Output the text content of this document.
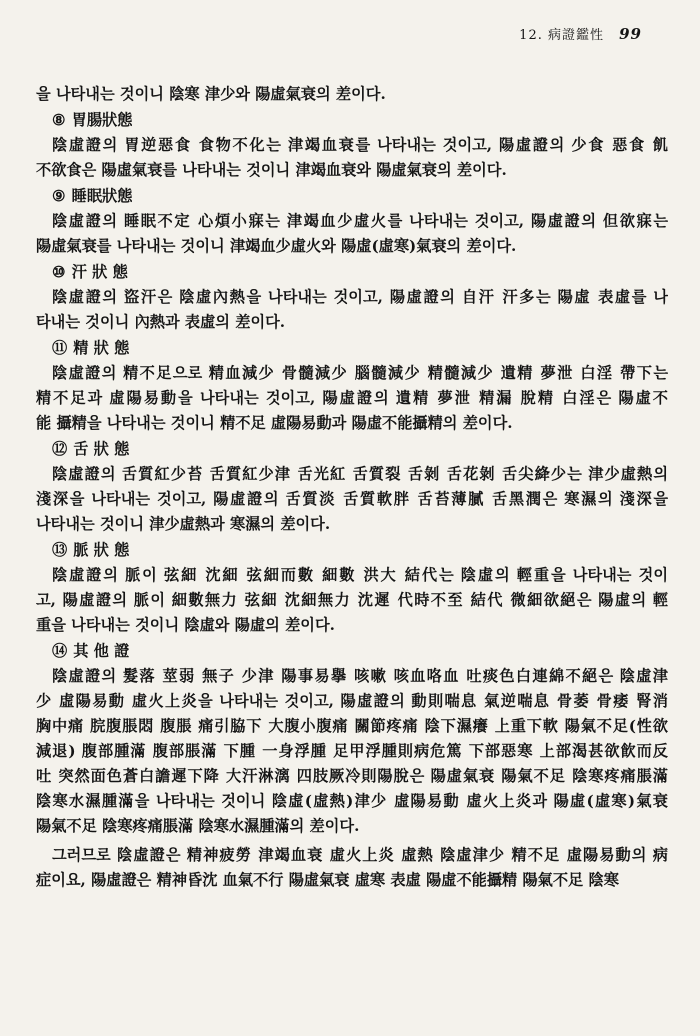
12. 病證鑑性 99
을 나타내는 것이니 陰寒 津少와 陽虛氣衰의 差이다.
⑧ 胃腸狀態
陰虛證의 胃逆惡食 食物不化는 津竭血衰를 나타내는 것이고, 陽虛證의 少食 惡食 飢
不欲食은 陽虛氣衰를 나타내는 것이니 津竭血衰와 陽虛氣衰의 差이다.
⑨ 睡眠狀態
陰虛證의 睡眠不定 心煩小寐는 津竭血少虛火를 나타내는 것이고, 陽虛證의 但欲寐는
陽虛氣衰를 나타내는 것이니 津竭血少虛火와 陽虛(虛寒)氣衰의 差이다.
⑩ 汗 狀 態
陰虛證의 盜汗은 陰虛內熱을 나타내는 것이고, 陽虛證의 自汗 汗多는 陽虛 表虛를 나
타내는 것이니 內熱과 表虛의 差이다.
⑪ 精 狀 態
陰虛證의 精不足으로 精血減少 骨髓減少 腦髓減少 精髓減少 遺精 夢泄 白淫 帶下는
精不足과 虛陽易動을 나타내는 것이고, 陽虛證의 遺精 夢泄 精漏 脫精 白淫은 陽虛不
能 攝精을 나타내는 것이니 精不足 虛陽易動과 陽虛不能攝精의 差이다.
⑫ 舌 狀 態
陰虛證의 舌質紅少苔 舌質紅少津 舌光紅 舌質裂 舌剝 舌花剝 舌尖絳少는 津少虛熱의
淺深을 나타내는 것이고, 陽虛證의 舌質淡 舌質軟胖 舌苔薄膩 舌黑潤은 寒濕의 淺深을
나타내는 것이니 津少虛熱과 寒濕의 差이다.
⑬ 脈 狀 態
陰虛證의 脈이 弦細 沈細 弦細而數 細數 洪大 結代는 陰虛의 輕重을 나타내는 것이
고, 陽虛證의 脈이 細數無力 弦細 沈細無力 沈遲 代時不至 結代 微細欲絕은 陽虛의 輕
重을 나타내는 것이니 陰虛와 陽虛의 差이다.
⑭ 其 他 證
陰虛證의 髮落 莖弱 無子 少津 陽事易擧 咳嗽 咳血咯血 吐痰色白連綿不絕은 陰虛津
少 虛陽易動 虛火上炎을 나타내는 것이고, 陽虛證의 動則喘息 氣逆喘息 骨萎 骨痿 腎消
胸中痛 脘腹脹悶 腹脹 痛引脇下 大腹小腹痛 關節疼痛 陰下濕癢 上重下軟 陽氣不足(性欲
減退) 腹部腫滿 腹部脹滿 下腫 一身浮腫 足甲浮腫則病危篤 下部惡寒 上部渴甚欲飮而反
吐 突然面色蒼白譫遲下降 大汗淋漓 四肢厥冷則陽脫은 陽虛氣衰 陽氣不足 陰寒疼痛脹滿
陰寒水濕腫滿을 나타내는 것이니 陰虛(虛熱)津少 虛陽易動 虛火上炎과 陽虛(虛寒)氣衰
陽氣不足 陰寒疼痛脹滿 陰寒水濕腫滿의 差이다.
그러므로 陰虛證은 精神疲勞 津竭血衰 虛火上炎 虛熱 陰虛津少 精不足 虛陽易動의 病
症이요, 陽虛證은 精神昏沈 血氣不行 陽虛氣衰 虛寒 表虛 陽虛不能攝精 陽氣不足 陰寒
